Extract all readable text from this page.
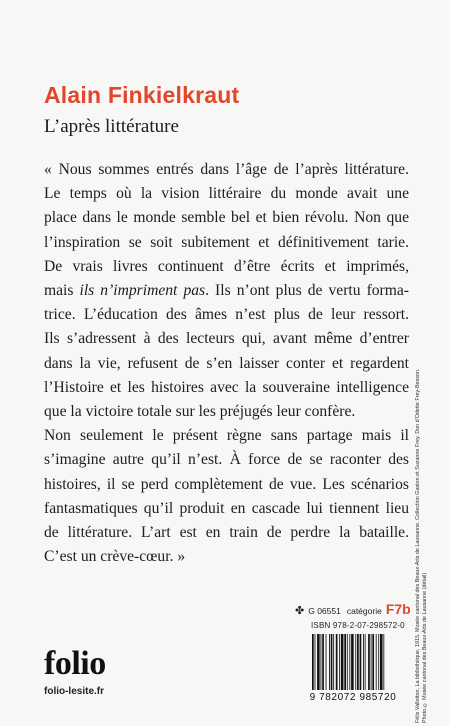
Alain Finkielkraut
L’après littérature

« Nous sommes entrés dans l’âge de l’après littérature.
Le temps où la vision littéraire du monde avait une
place dans le monde semble bel et bien révolu. Non que
l’inspiration se soit subitement et définitivement tarie.
De vrais livres continuent d’être écrits et imprimés,
mais ils n’impriment pas. Ils n’ont plus de vertu forma-
trice. L’éducation des âmes n’est plus de leur ressort.
Ils s’adressent à des lecteurs qui, avant même d’entrer
dans la vie, refusent de s’en laisser conter et regardent
l’Histoire et les histoires avec la souveraine intelligence
que la victoire totale sur les préjugés leur confère.

Non seulement le présent règne sans partage mais il
s’imagine autre qu’il n’est. À force de se raconter des
histoires, il se perd complètement de vue. Les scénarios
fantasmatiques qu’il produit en cascade lui tiennent lieu
de littérature. L’art est en train de perdre la bataille.
C’est un crève-cœur. »	Félix Vallotton, La bibliothèque, 1915. Musée cantonal des Beaux-Arts de Lausanne. Collection Gaston et Suzanne Frey. Don d'Odette Frey-Besson. Photo © Musée cantonal des Beaux-Arts de Lausanne (détail)
✤ G 06551 catégorie F7b
ISBN 978-2-07-298572-0
9 782072 985720
folio
folio-lesite.fr
